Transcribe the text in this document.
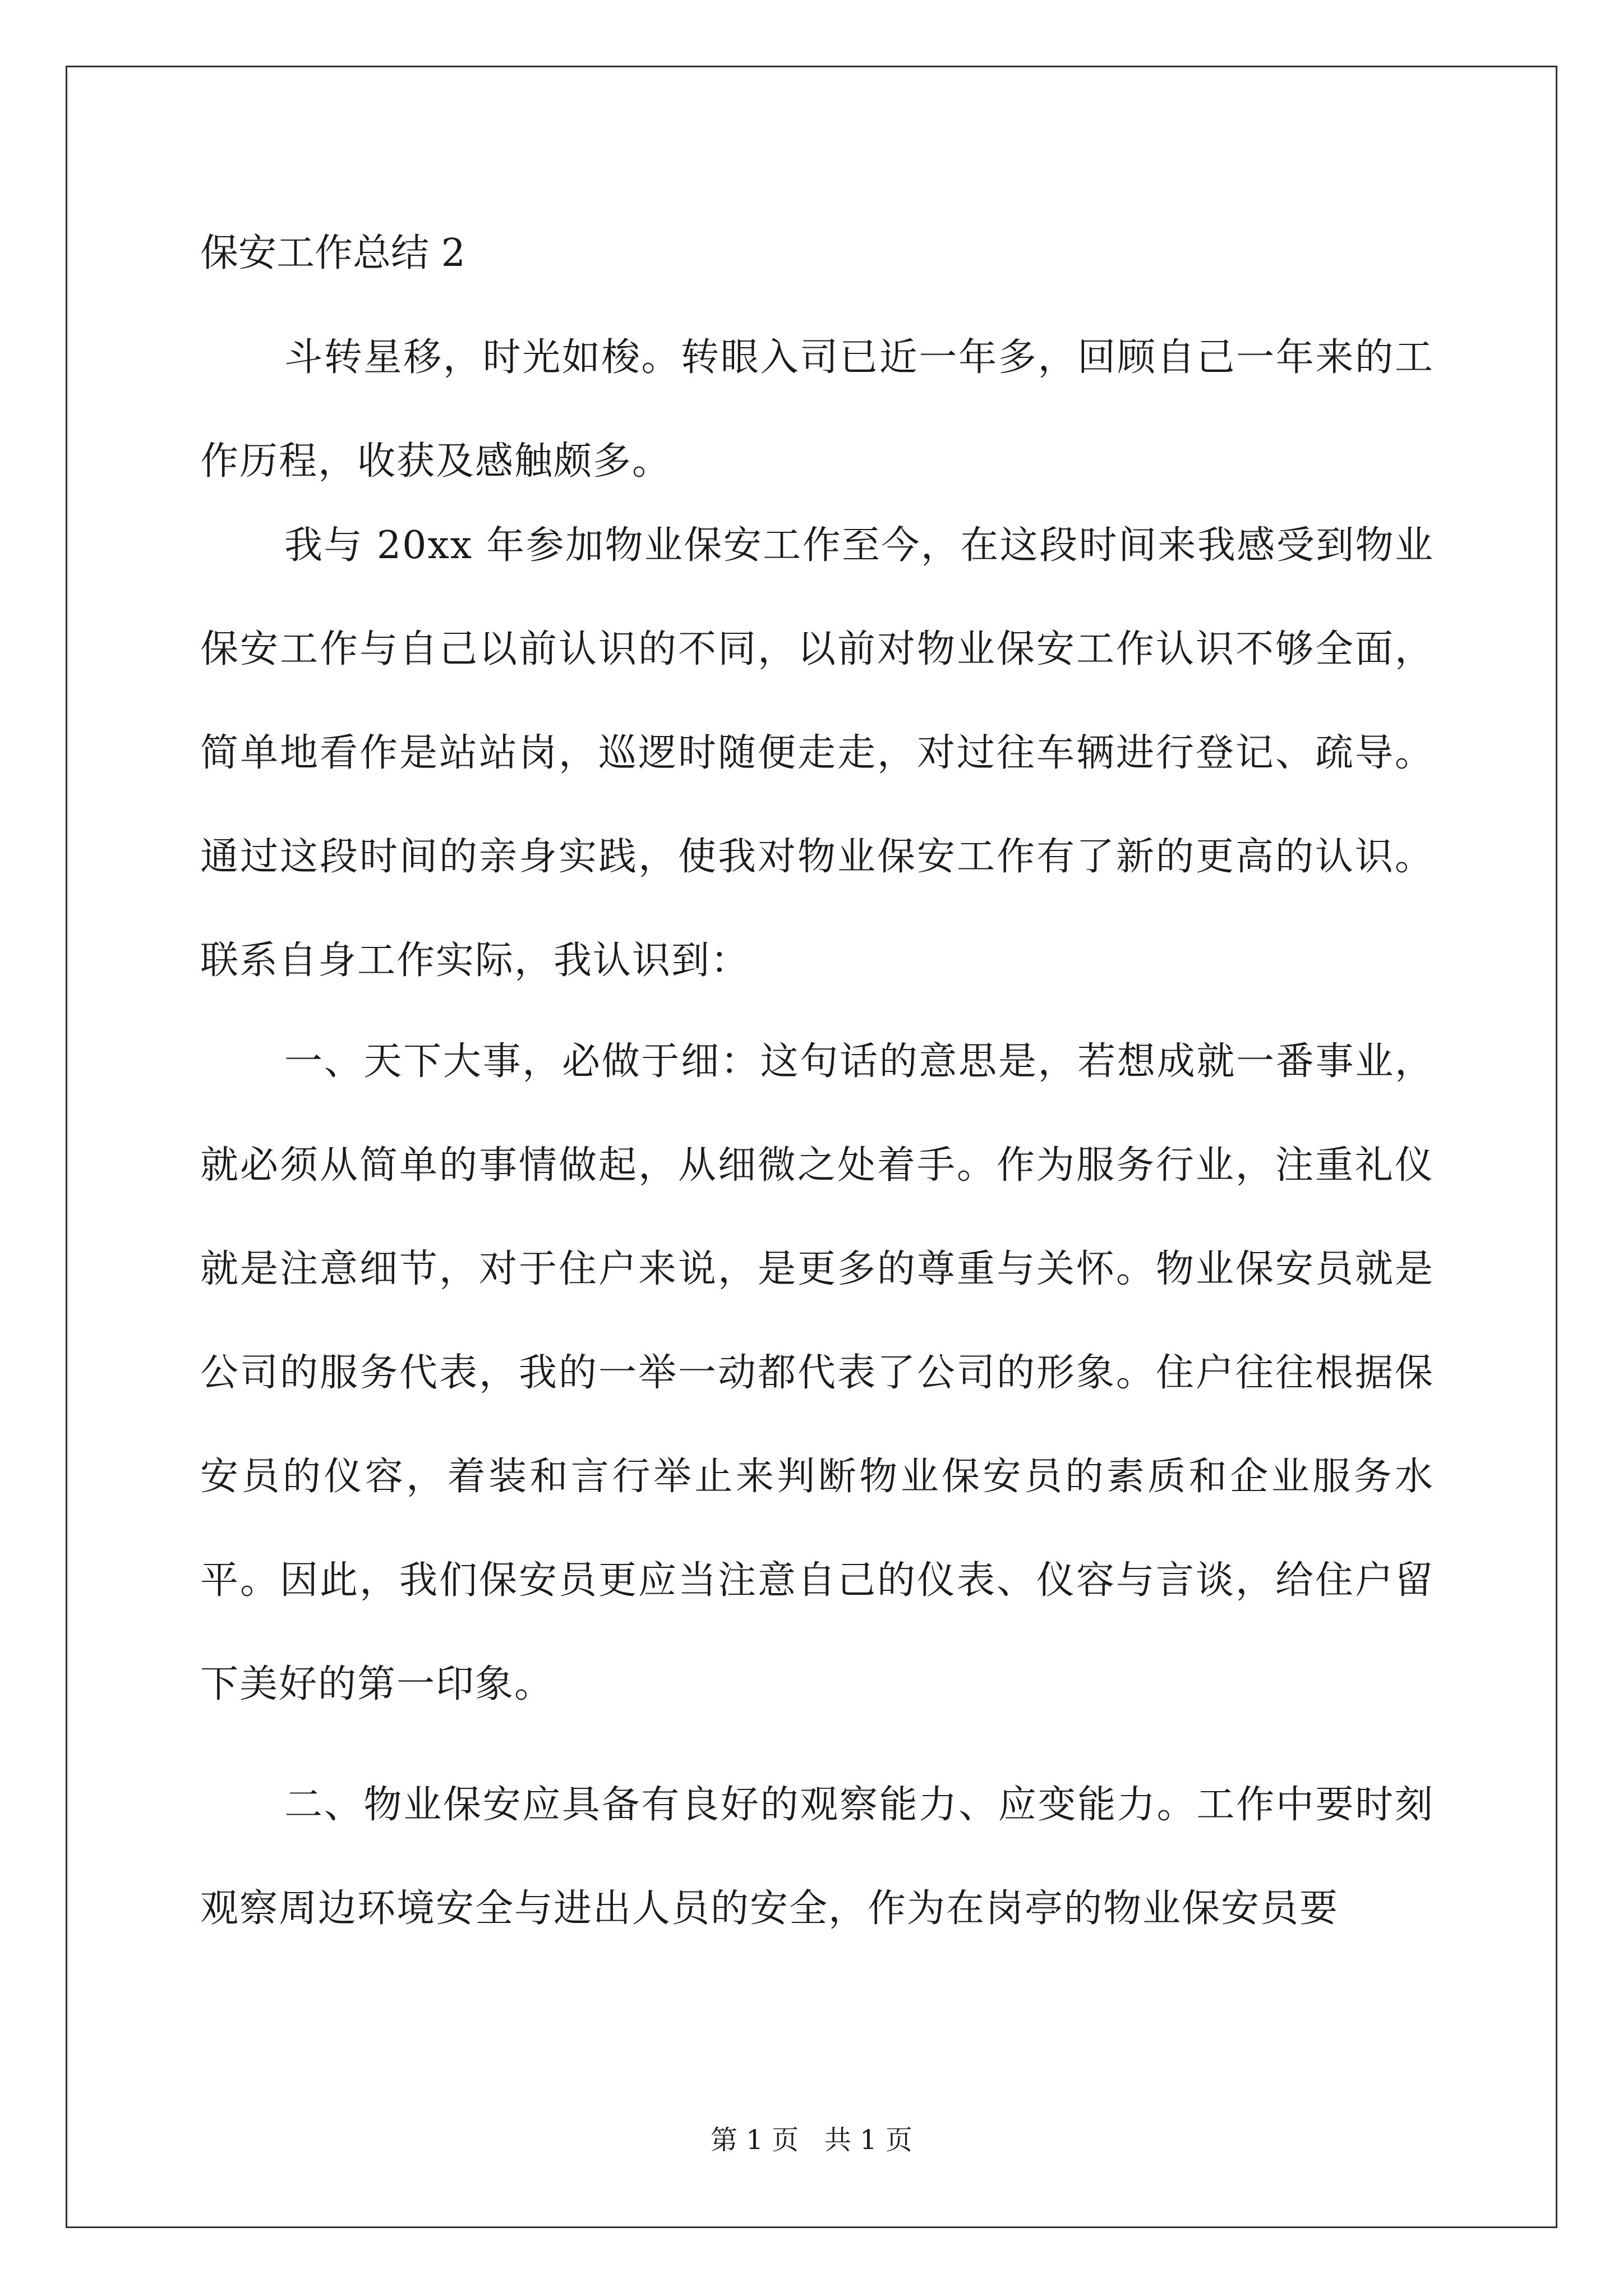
保安工作总结 2

斗转星移，时光如梭。转眼入司已近一年多，回顾自己一年来的工作历程，收获及感触颇多。

我与 20xx 年参加物业保安工作至今，在这段时间来我感受到物业保安工作与自己以前认识的不同，以前对物业保安工作认识不够全面，简单地看作是站站岗，巡逻时随便走走，对过往车辆进行登记、疏导。通过这段时间的亲身实践，使我对物业保安工作有了新的更高的认识。联系自身工作实际，我认识到：

一、天下大事，必做于细：这句话的意思是，若想成就一番事业，就必须从简单的事情做起，从细微之处着手。作为服务行业，注重礼仪就是注意细节，对于住户来说，是更多的尊重与关怀。物业保安员就是公司的服务代表，我的一举一动都代表了公司的形象。住户往往根据保安员的仪容，着装和言行举止来判断物业保安员的素质和企业服务水平。因此，我们保安员更应当注意自己的仪表、仪容与言谈，给住户留下美好的第一印象。

二、物业保安应具备有良好的观察能力、应变能力。工作中要时刻观察周边环境安全与进出人员的安全，作为在岗亭的物业保安员要

第 1 页   共 1 页
